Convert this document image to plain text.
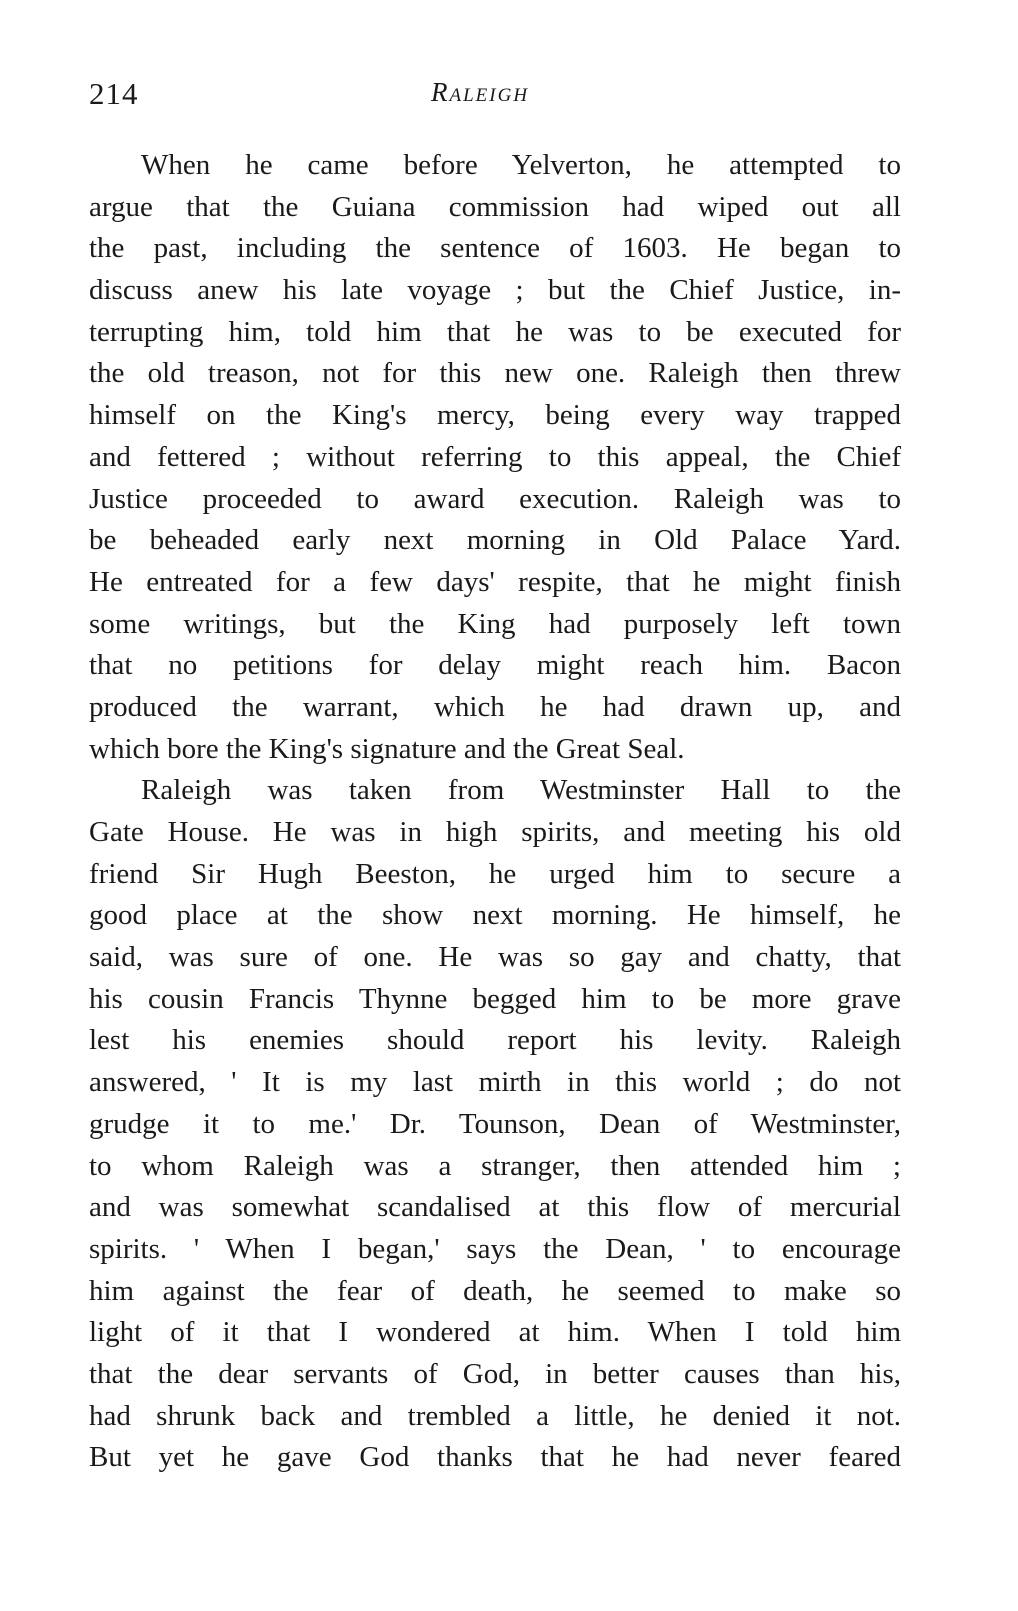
214	Raleigh
When he came before Yelverton, he attempted to
argue that the Guiana commission had wiped out all
the past, including the sentence of 1603. He began to
discuss anew his late voyage ; but the Chief Justice, in-
terrupting him, told him that he was to be executed for
the old treason, not for this new one. Raleigh then threw
himself on the King's mercy, being every way trapped
and fettered ; without referring to this appeal, the Chief
Justice proceeded to award execution. Raleigh was to
be beheaded early next morning in Old Palace Yard.
He entreated for a few days' respite, that he might finish
some writings, but the King had purposely left town
that no petitions for delay might reach him. Bacon
produced the warrant, which he had drawn up, and
which bore the King's signature and the Great Seal.
Raleigh was taken from Westminster Hall to the
Gate House. He was in high spirits, and meeting his old
friend Sir Hugh Beeston, he urged him to secure a
good place at the show next morning. He himself, he
said, was sure of one. He was so gay and chatty, that
his cousin Francis Thynne begged him to be more grave
lest his enemies should report his levity. Raleigh
answered, ' It is my last mirth in this world ; do not
grudge it to me.' Dr. Tounson, Dean of Westminster,
to whom Raleigh was a stranger, then attended him ;
and was somewhat scandalised at this flow of mercurial
spirits. ' When I began,' says the Dean, ' to encourage
him against the fear of death, he seemed to make so
light of it that I wondered at him. When I told him
that the dear servants of God, in better causes than his,
had shrunk back and trembled a little, he denied it not.
But yet he gave God thanks that he had never feared
